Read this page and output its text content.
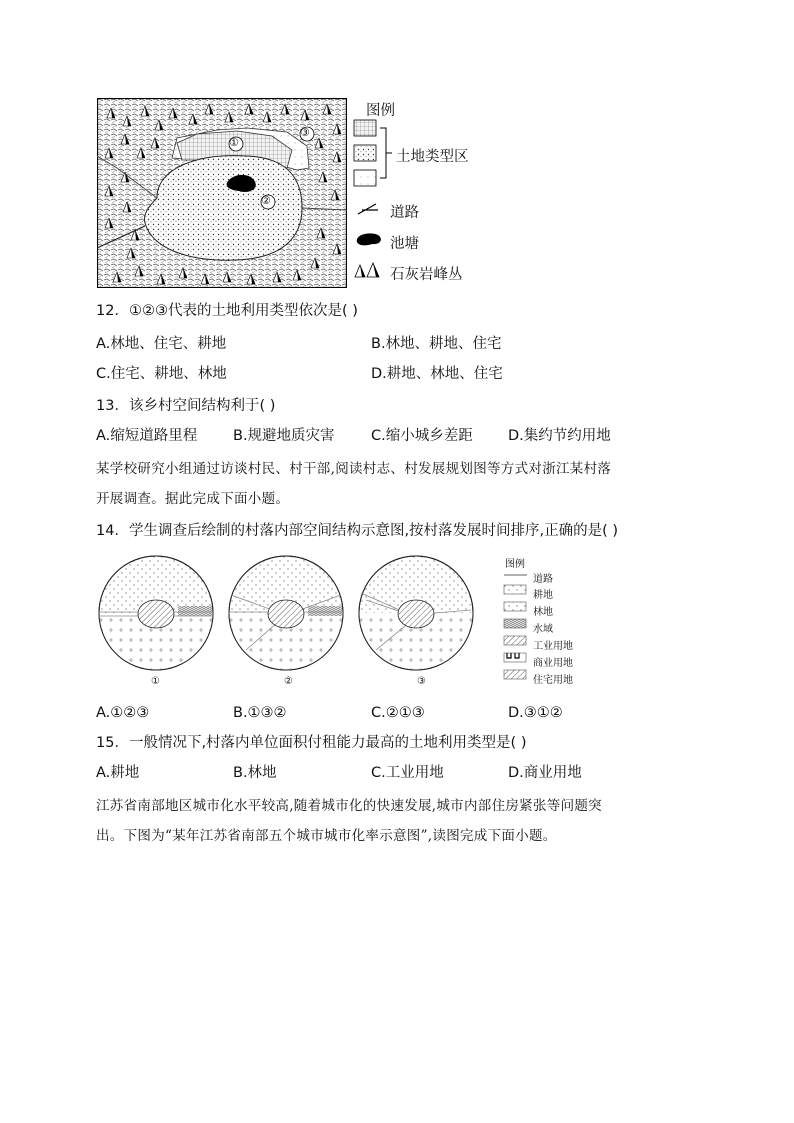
①
②
③
图例
土地类型区
道路
池塘
石灰岩峰丛
12．①②③代表的土地利用类型依次是( )
A.林地、住宅、耕地	B.林地、耕地、住宅
C.住宅、耕地、林地	D.耕地、林地、住宅
13．该乡村空间结构利于( )
A.缩短道路里程 B.规避地质灾害	C.缩小城乡差距 D.集约节约用地
某学校研究小组通过访谈村民、村干部,阅读村志、村发展规划图等方式对浙江某村落
开展调查。据此完成下面小题。
14．学生调查后绘制的村落内部空间结构示意图,按村落发展时间排序,正确的是( )
①	②	③
图例
道路
耕地
林地
水域
工业用地
商业用地
住宅用地
A.①②③	B.①③②	C.②①③	D.③①②
15．一般情况下,村落内单位面积付租能力最高的土地利用类型是( )
A.耕地	B.林地	C.工业用地	D.商业用地
江苏省南部地区城市化水平较高,随着城市化的快速发展,城市内部住房紧张等问题突
出。下图为“某年江苏省南部五个城市城市化率示意图”,读图完成下面小题。
